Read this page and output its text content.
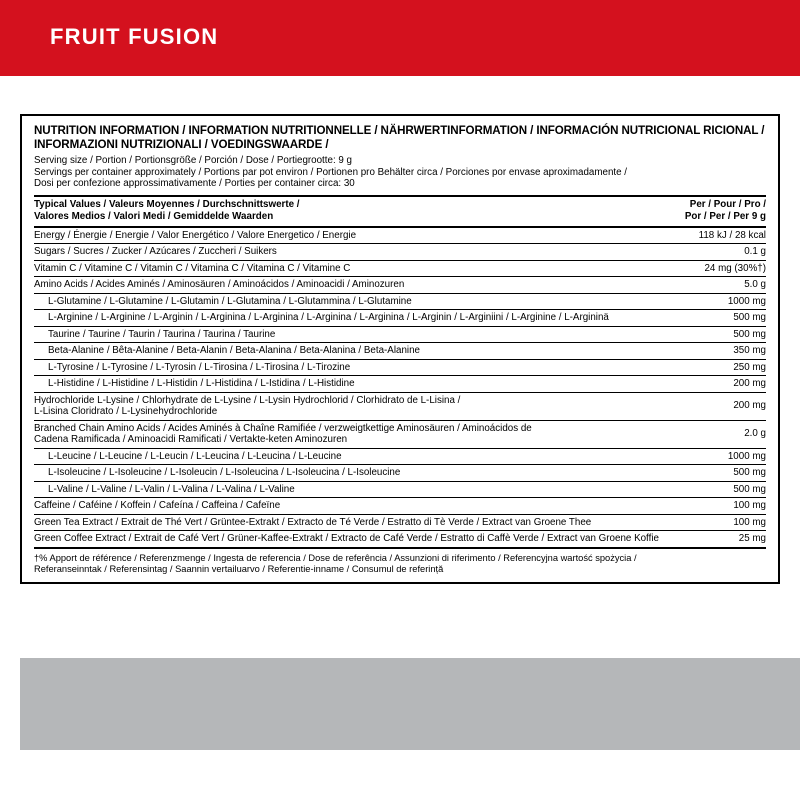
FRUIT FUSION
NUTRITION INFORMATION / INFORMATION NUTRITIONNELLE / NÄHRWERTINFORMATION / INFORMACIÓN NUTRICIONAL RICIONAL / INFORMAZIONI NUTRIZIONALI / VOEDINGSWAARDE /
Serving size / Portion / Portionsgröße / Porción / Dose / Portiegrootte: 9 g
Servings per container approximately / Portions par pot environ / Portionen pro Behälter circa / Porciones por envase aproximadamente /
Dosi per confezione approssimativamente / Porties per container circa: 30
Typical Values / Valeurs Moyennes / Durchschnittswerte /
Valores Medios / Valori Medi / Gemiddelde Waarden	Per / Pour / Pro /
Por / Per / Per 9 g
Energy / Énergie / Energie / Valor Energético / Valore Energetico / Energie	118 kJ / 28 kcal
Sugars / Sucres / Zucker / Azúcares / Zuccheri / Suikers	0.1 g
Vitamin C / Vitamine C / Vitamin C / Vitamina C / Vitamina C / Vitamine C	24 mg (30%†)
Amino Acids / Acides Aminés / Aminosäuren / Aminoácidos / Aminoacidi / Aminozuren	5.0 g
L-Glutamine / L-Glutamine / L-Glutamin / L-Glutamina / L-Glutammina / L-Glutamine	1000 mg
L-Arginine / L-Arginine / L-Arginin / L-Arginina / L-Arginina / L-Arginina / L-Arginina / L-Arginin / L-Arginiini / L-Arginine / L-Argininä	500 mg
Taurine / Taurine / Taurin / Taurina / Taurina / Taurine	500 mg
Beta-Alanine / Bêta-Alanine / Beta-Alanin / Beta-Alanina / Beta-Alanina / Beta-Alanine	350 mg
L-Tyrosine / L-Tyrosine / L-Tyrosin / L-Tirosina / L-Tirosina / L-Tirozine	250 mg
L-Histidine / L-Histidine / L-Histidin / L-Histidina / L-Istidina / L-Histidine	200 mg
Hydrochloride L-Lysine / Chlorhydrate de L-Lysine / L-Lysin Hydrochlorid / Clorhidrato de L-Lisina /
L-Lisina Cloridrato / L-Lysinehydrochloride	200 mg
Branched Chain Amino Acids / Acides Aminés à Chaîne Ramifiée / verzweigtkettige Aminosäuren / Aminoácidos de
Cadena Ramificada / Aminoacidi Ramificati / Vertakte-keten Aminozuren	2.0 g
L-Leucine / L-Leucine / L-Leucin / L-Leucina / L-Leucina / L-Leucine	1000 mg
L-Isoleucine / L-Isoleucine / L-Isoleucin / L-Isoleucina / L-Isoleucina / L-Isoleucine	500 mg
L-Valine / L-Valine / L-Valin / L-Valina / L-Valina / L-Valine	500 mg
Caffeine / Caféine / Koffein / Cafeína / Caffeina / Cafeïne	100 mg
Green Tea Extract / Extrait de Thé Vert / Grüntee-Extrakt / Extracto de Té Verde / Estratto di Tè Verde / Extract van Groene Thee	100 mg
Green Coffee Extract / Extrait de Café Vert / Grüner-Kaffee-Extrakt / Extracto de Café Verde / Estratto di Caffè Verde / Extract van Groene Koffie	25 mg
†% Apport de référence / Referenzmenge / Ingesta de referencia / Dose de referência / Assunzioni di riferimento / Referencyjna wartość spożycia /
Referanseinntak / Referensintag / Saannin vertailuarvo / Referentie-inname / Consumul de referință
